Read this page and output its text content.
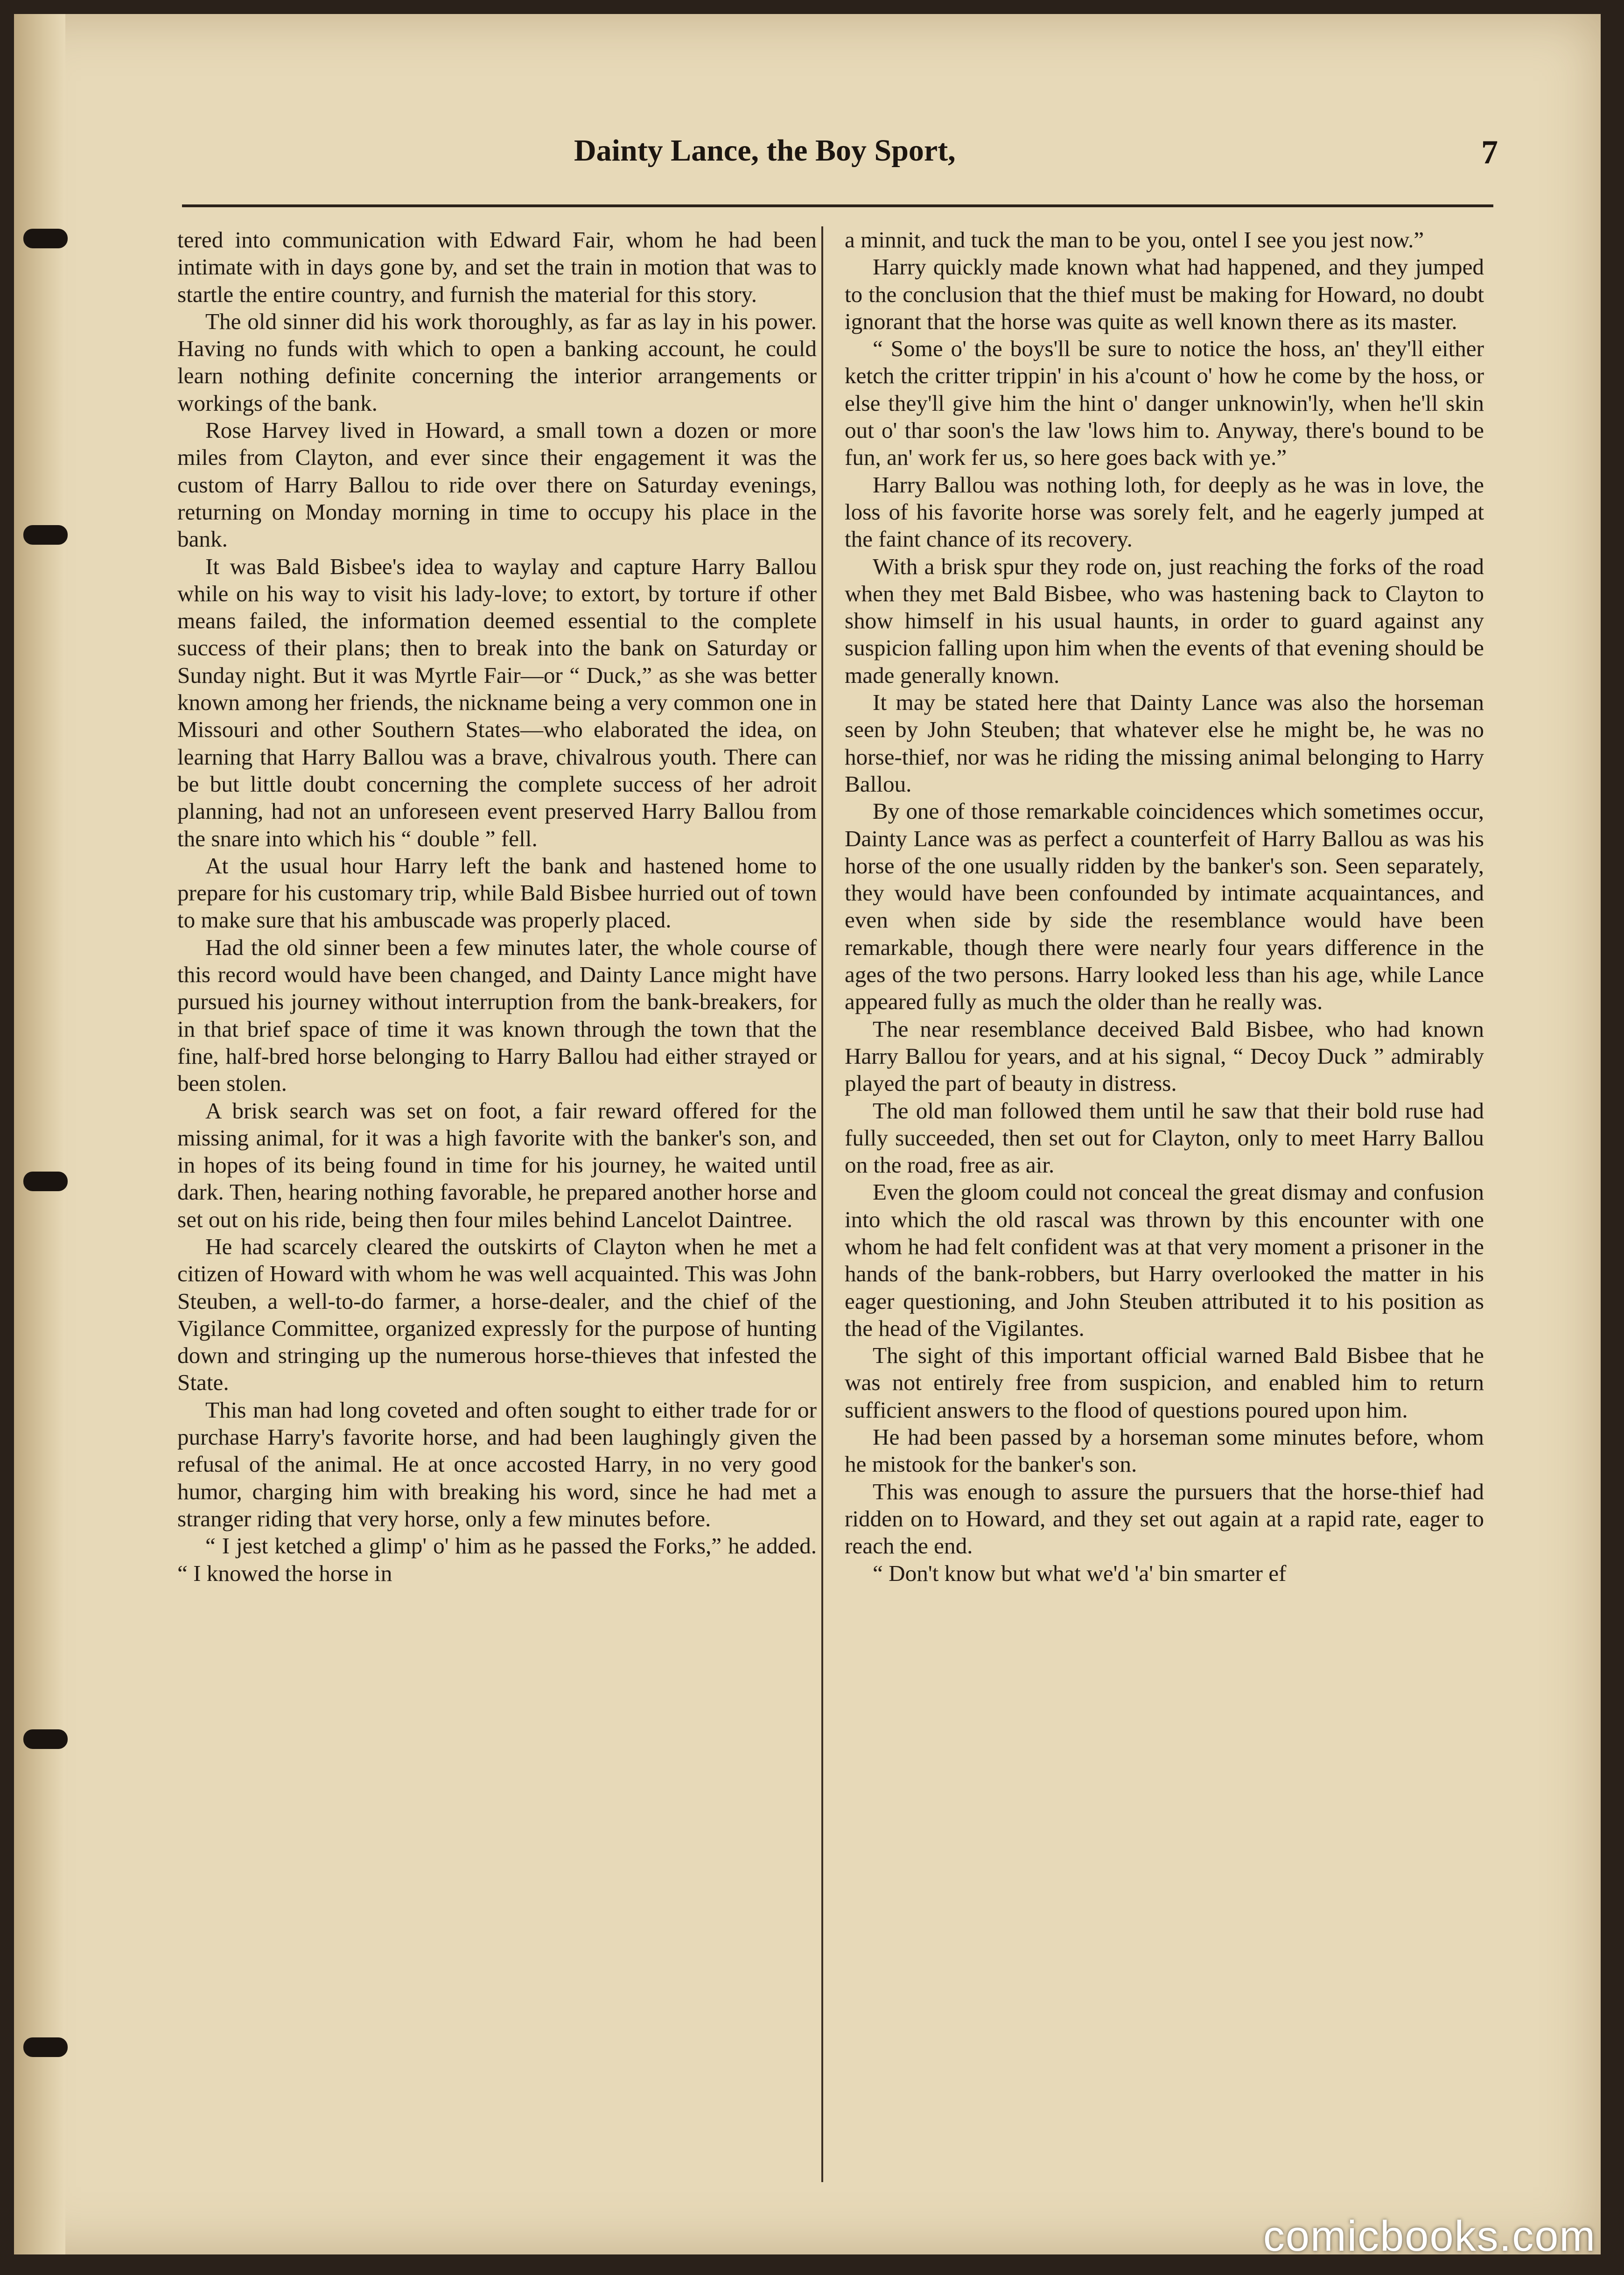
Dainty Lance, the Boy Sport,	7

tered into communication with Edward Fair, whom he had been intimate with in days gone by, and set the train in motion that was to startle the entire country, and furnish the material for this story.

The old sinner did his work thoroughly, as far as lay in his power. Having no funds with which to open a banking account, he could learn nothing definite concerning the interior arrangements or workings of the bank.

Rose Harvey lived in Howard, a small town a dozen or more miles from Clayton, and ever since their engagement it was the custom of Harry Ballou to ride over there on Saturday evenings, returning on Monday morning in time to occupy his place in the bank.

It was Bald Bisbee's idea to waylay and capture Harry Ballou while on his way to visit his lady-love; to extort, by torture if other means failed, the information deemed essential to the complete success of their plans; then to break into the bank on Saturday or Sunday night. But it was Myrtle Fair—or “ Duck,” as she was better known among her friends, the nickname being a very common one in Missouri and other Southern States—who elaborated the idea, on learning that Harry Ballou was a brave, chivalrous youth. There can be but little doubt concerning the complete success of her adroit planning, had not an unforeseen event preserved Harry Ballou from the snare into which his “ double ” fell.

At the usual hour Harry left the bank and hastened home to prepare for his customary trip, while Bald Bisbee hurried out of town to make sure that his ambuscade was properly placed.

Had the old sinner been a few minutes later, the whole course of this record would have been changed, and Dainty Lance might have pursued his journey without interruption from the bank-breakers, for in that brief space of time it was known through the town that the fine, half-bred horse belonging to Harry Ballou had either strayed or been stolen.

A brisk search was set on foot, a fair reward offered for the missing animal, for it was a high favorite with the banker's son, and in hopes of its being found in time for his journey, he waited until dark. Then, hearing nothing favorable, he prepared another horse and set out on his ride, being then four miles behind Lancelot Daintree.

He had scarcely cleared the outskirts of Clayton when he met a citizen of Howard with whom he was well acquainted. This was John Steuben, a well-to-do farmer, a horse-dealer, and the chief of the Vigilance Committee, organized expressly for the purpose of hunting down and stringing up the numerous horse-thieves that infested the State.

This man had long coveted and often sought to either trade for or purchase Harry's favorite horse, and had been laughingly given the refusal of the animal. He at once accosted Harry, in no very good humor, charging him with breaking his word, since he had met a stranger riding that very horse, only a few minutes before.

“ I jest ketched a glimp' o' him as he passed the Forks,” he added. “ I knowed the horse in

a minnit, and tuck the man to be you, ontel I see you jest now.”

Harry quickly made known what had happened, and they jumped to the conclusion that the thief must be making for Howard, no doubt ignorant that the horse was quite as well known there as its master.

“ Some o' the boys'll be sure to notice the hoss, an' they'll either ketch the critter trippin' in his a'count o' how he come by the hoss, or else they'll give him the hint o' danger unknowin'ly, when he'll skin out o' thar soon's the law 'lows him to. Anyway, there's bound to be fun, an' work fer us, so here goes back with ye.”

Harry Ballou was nothing loth, for deeply as he was in love, the loss of his favorite horse was sorely felt, and he eagerly jumped at the faint chance of its recovery.

With a brisk spur they rode on, just reaching the forks of the road when they met Bald Bisbee, who was hastening back to Clayton to show himself in his usual haunts, in order to guard against any suspicion falling upon him when the events of that evening should be made generally known.

It may be stated here that Dainty Lance was also the horseman seen by John Steuben; that whatever else he might be, he was no horse-thief, nor was he riding the missing animal belonging to Harry Ballou.

By one of those remarkable coincidences which sometimes occur, Dainty Lance was as perfect a counterfeit of Harry Ballou as was his horse of the one usually ridden by the banker's son. Seen separately, they would have been confounded by intimate acquaintances, and even when side by side the resemblance would have been remarkable, though there were nearly four years difference in the ages of the two persons. Harry looked less than his age, while Lance appeared fully as much the older than he really was.

The near resemblance deceived Bald Bisbee, who had known Harry Ballou for years, and at his signal, “ Decoy Duck ” admirably played the part of beauty in distress.

The old man followed them until he saw that their bold ruse had fully succeeded, then set out for Clayton, only to meet Harry Ballou on the road, free as air.

Even the gloom could not conceal the great dismay and confusion into which the old rascal was thrown by this encounter with one whom he had felt confident was at that very moment a prisoner in the hands of the bank-robbers, but Harry overlooked the matter in his eager questioning, and John Steuben attributed it to his position as the head of the Vigilantes.

The sight of this important official warned Bald Bisbee that he was not entirely free from suspicion, and enabled him to return sufficient answers to the flood of questions poured upon him.

He had been passed by a horseman some minutes before, whom he mistook for the banker's son.

This was enough to assure the pursuers that the horse-thief had ridden on to Howard, and they set out again at a rapid rate, eager to reach the end.

“ Don't know but what we'd 'a' bin smarter ef

comicbooks.com
